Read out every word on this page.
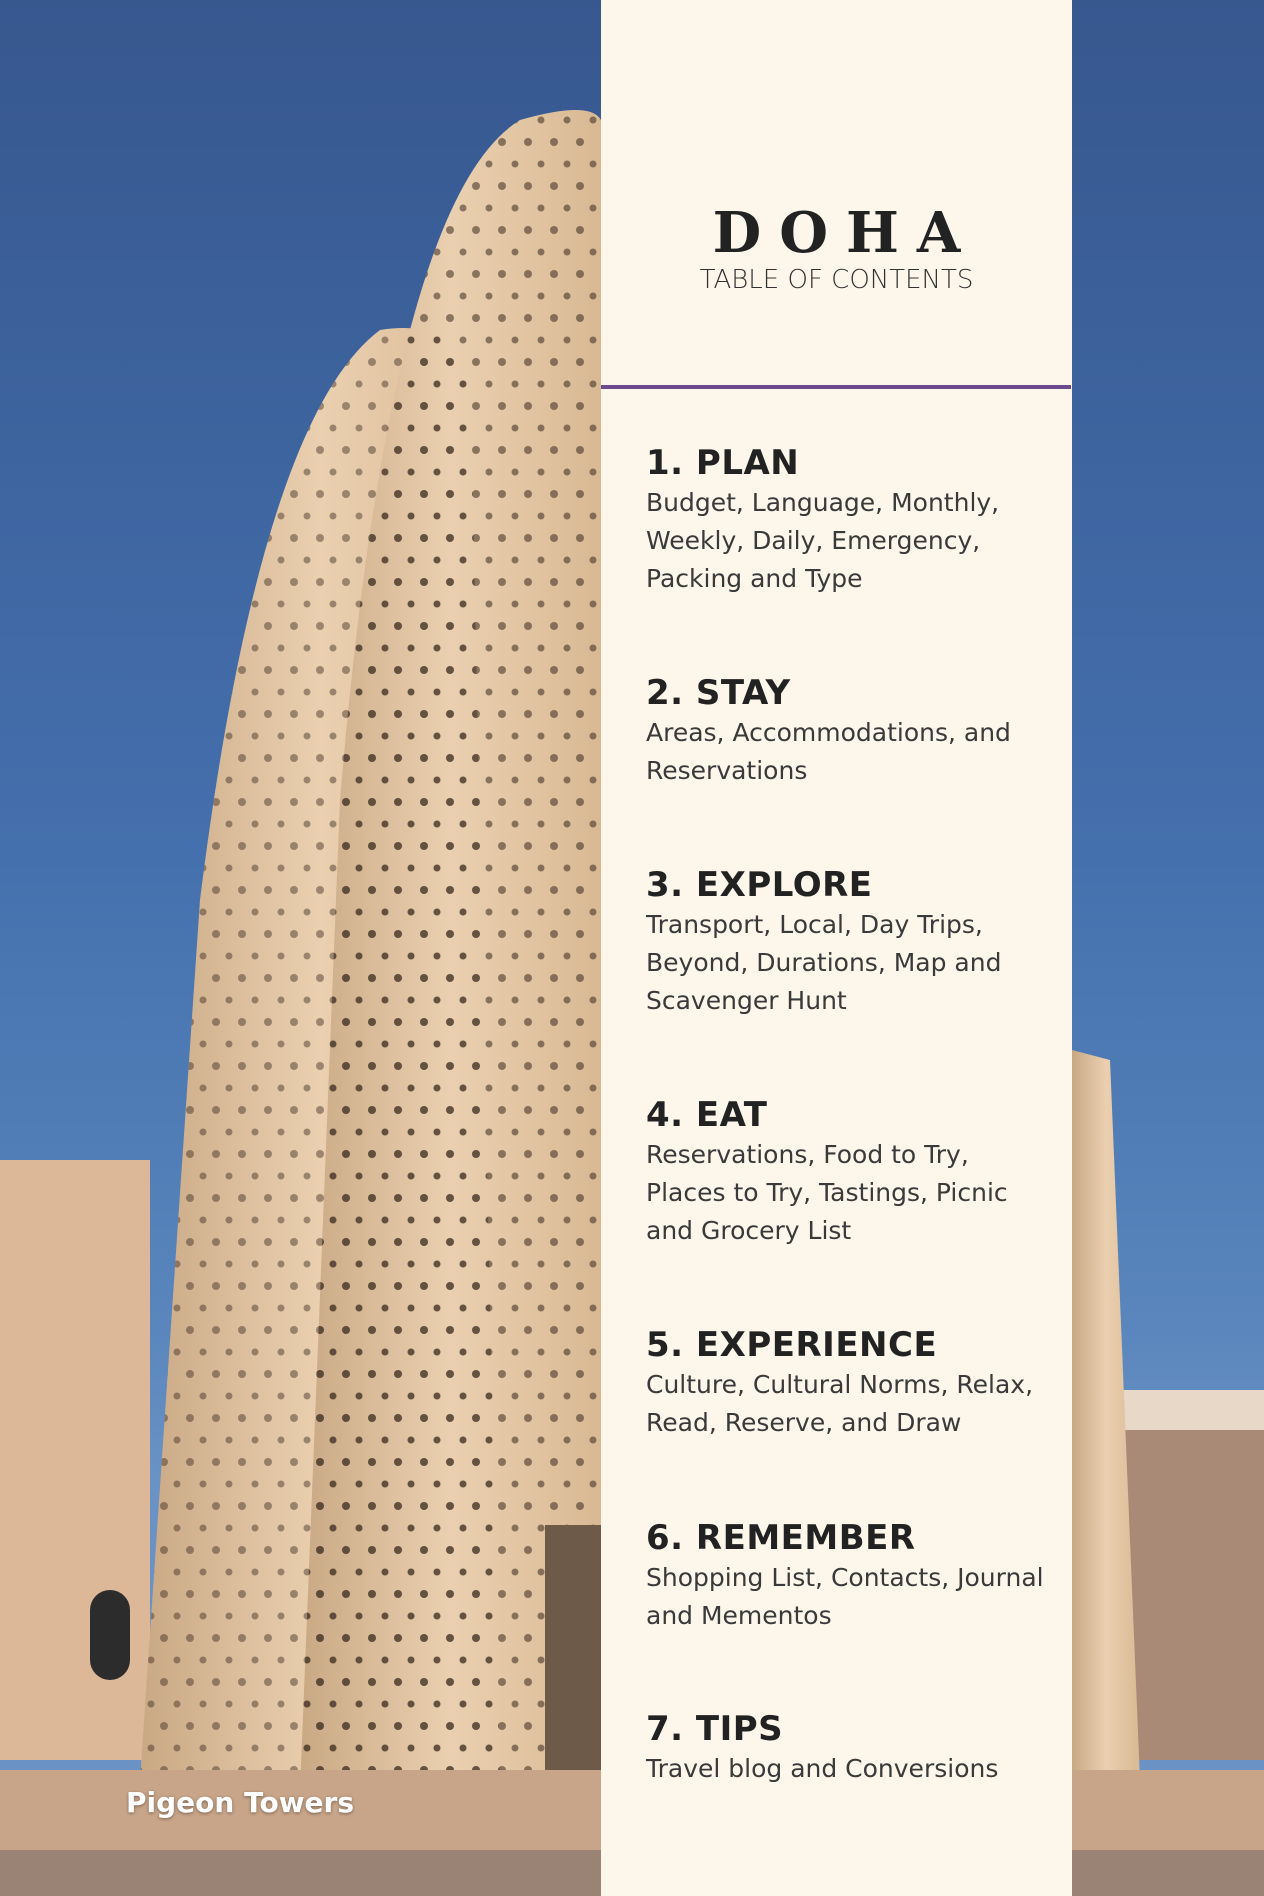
Pigeon Towers
DOHA
TABLE OF CONTENTS
1. PLAN
Budget, Language, Monthly, Weekly, Daily, Emergency, Packing and Type
2. STAY
Areas, Accommodations, and Reservations
3. EXPLORE
Transport, Local, Day Trips, Beyond, Durations, Map and Scavenger Hunt
4. EAT
Reservations, Food to Try, Places to Try, Tastings, Picnic and Grocery List
5. EXPERIENCE
Culture, Cultural Norms, Relax, Read, Reserve, and Draw
6. REMEMBER
Shopping List, Contacts, Journal and Mementos
7. TIPS
Travel blog and Conversions
